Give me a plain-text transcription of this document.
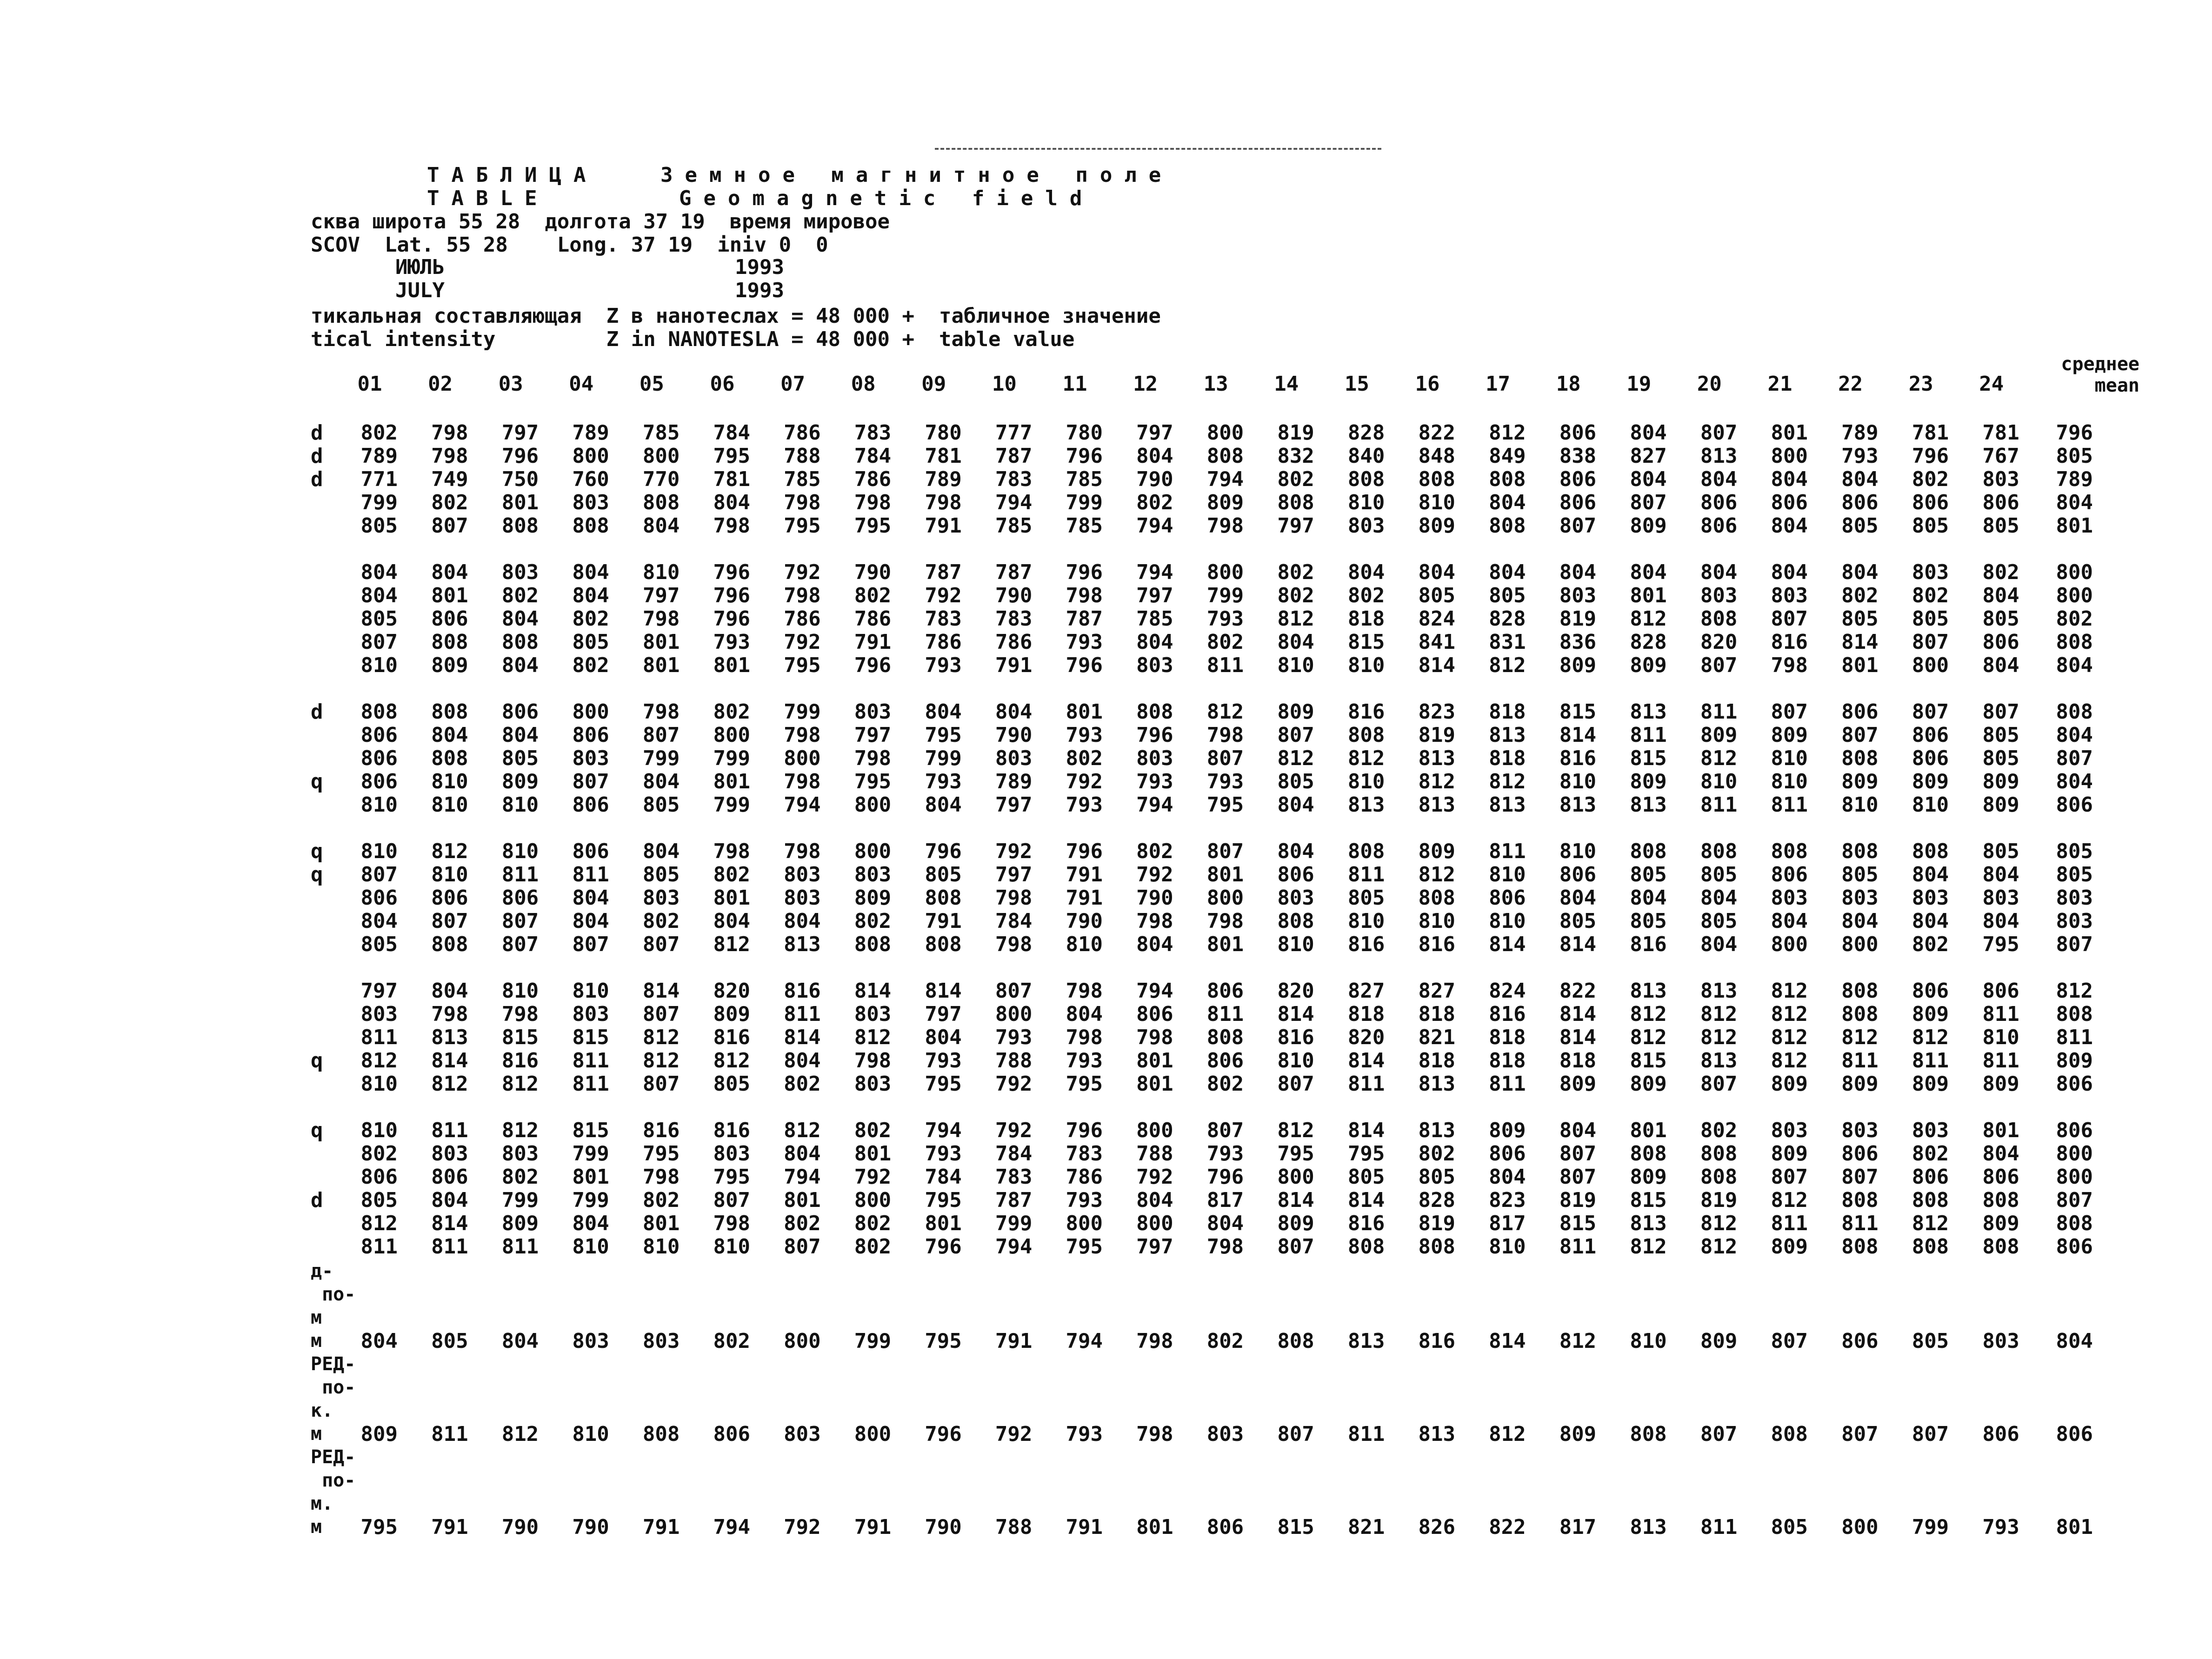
ТАБЛИЦА	Земное магнитное поле
TABLE	Geomagnetic field
сква широта 55 28  долгота 37 19  время мировое
SCOV  Lat. 55 28    Long. 37 19  iniv 0  0
ИЮЛЬ	1993
JULY	1993
тикальная составляющая  Z в нанотеслах = 48 000 +  табличное значение
tical intensity         Z in NANOTESLA = 48 000 +  table value
среднее
mean
01	02	03	04	05	06	07	08	09	10	11	12	13	14	15	16	17	18	19	20	21	22	23	24
d	802	798	797	789	785	784	786	783	780	777	780	797	800	819	828	822	812	806	804	807	801	789	781	781	796
d	789	798	796	800	800	795	788	784	781	787	796	804	808	832	840	848	849	838	827	813	800	793	796	767	805
d	771	749	750	760	770	781	785	786	789	783	785	790	794	802	808	808	808	806	804	804	804	804	802	803	789
799	802	801	803	808	804	798	798	798	794	799	802	809	808	810	810	804	806	807	806	806	806	806	806	804
805	807	808	808	804	798	795	795	791	785	785	794	798	797	803	809	808	807	809	806	804	805	805	805	801
804	804	803	804	810	796	792	790	787	787	796	794	800	802	804	804	804	804	804	804	804	804	803	802	800
804	801	802	804	797	796	798	802	792	790	798	797	799	802	802	805	805	803	801	803	803	802	802	804	800
805	806	804	802	798	796	786	786	783	783	787	785	793	812	818	824	828	819	812	808	807	805	805	805	802
807	808	808	805	801	793	792	791	786	786	793	804	802	804	815	841	831	836	828	820	816	814	807	806	808
810	809	804	802	801	801	795	796	793	791	796	803	811	810	810	814	812	809	809	807	798	801	800	804	804
d	808	808	806	800	798	802	799	803	804	804	801	808	812	809	816	823	818	815	813	811	807	806	807	807	808
806	804	804	806	807	800	798	797	795	790	793	796	798	807	808	819	813	814	811	809	809	807	806	805	804
806	808	805	803	799	799	800	798	799	803	802	803	807	812	812	813	818	816	815	812	810	808	806	805	807
q	806	810	809	807	804	801	798	795	793	789	792	793	793	805	810	812	812	810	809	810	810	809	809	809	804
810	810	810	806	805	799	794	800	804	797	793	794	795	804	813	813	813	813	813	811	811	810	810	809	806
q	810	812	810	806	804	798	798	800	796	792	796	802	807	804	808	809	811	810	808	808	808	808	808	805	805
q	807	810	811	811	805	802	803	803	805	797	791	792	801	806	811	812	810	806	805	805	806	805	804	804	805
806	806	806	804	803	801	803	809	808	798	791	790	800	803	805	808	806	804	804	804	803	803	803	803	803
804	807	807	804	802	804	804	802	791	784	790	798	798	808	810	810	810	805	805	805	804	804	804	804	803
805	808	807	807	807	812	813	808	808	798	810	804	801	810	816	816	814	814	816	804	800	800	802	795	807
797	804	810	810	814	820	816	814	814	807	798	794	806	820	827	827	824	822	813	813	812	808	806	806	812
803	798	798	803	807	809	811	803	797	800	804	806	811	814	818	818	816	814	812	812	812	808	809	811	808
811	813	815	815	812	816	814	812	804	793	798	798	808	816	820	821	818	814	812	812	812	812	812	810	811
q	812	814	816	811	812	812	804	798	793	788	793	801	806	810	814	818	818	818	815	813	812	811	811	811	809
810	812	812	811	807	805	802	803	795	792	795	801	802	807	811	813	811	809	809	807	809	809	809	809	806
q	810	811	812	815	816	816	812	802	794	792	796	800	807	812	814	813	809	804	801	802	803	803	803	801	806
802	803	803	799	795	803	804	801	793	784	783	788	793	795	795	802	806	807	808	808	809	806	802	804	800
806	806	802	801	798	795	794	792	784	783	786	792	796	800	805	805	804	807	809	808	807	807	806	806	800
d	805	804	799	799	802	807	801	800	795	787	793	804	817	814	814	828	823	819	815	819	812	808	808	808	807
812	814	809	804	801	798	802	802	801	799	800	800	804	809	816	819	817	815	813	812	811	811	812	809	808
811	811	811	810	810	810	807	802	796	794	795	797	798	807	808	808	810	811	812	812	809	808	808	808	806
д-
по-
м
м	804	805	804	803	803	802	800	799	795	791	794	798	802	808	813	816	814	812	810	809	807	806	805	803	804
РЕД-
по-
к.
м	809	811	812	810	808	806	803	800	796	792	793	798	803	807	811	813	812	809	808	807	808	807	807	806	806
РЕД-
по-
м.
м	795	791	790	790	791	794	792	791	790	788	791	801	806	815	821	826	822	817	813	811	805	800	799	793	801
